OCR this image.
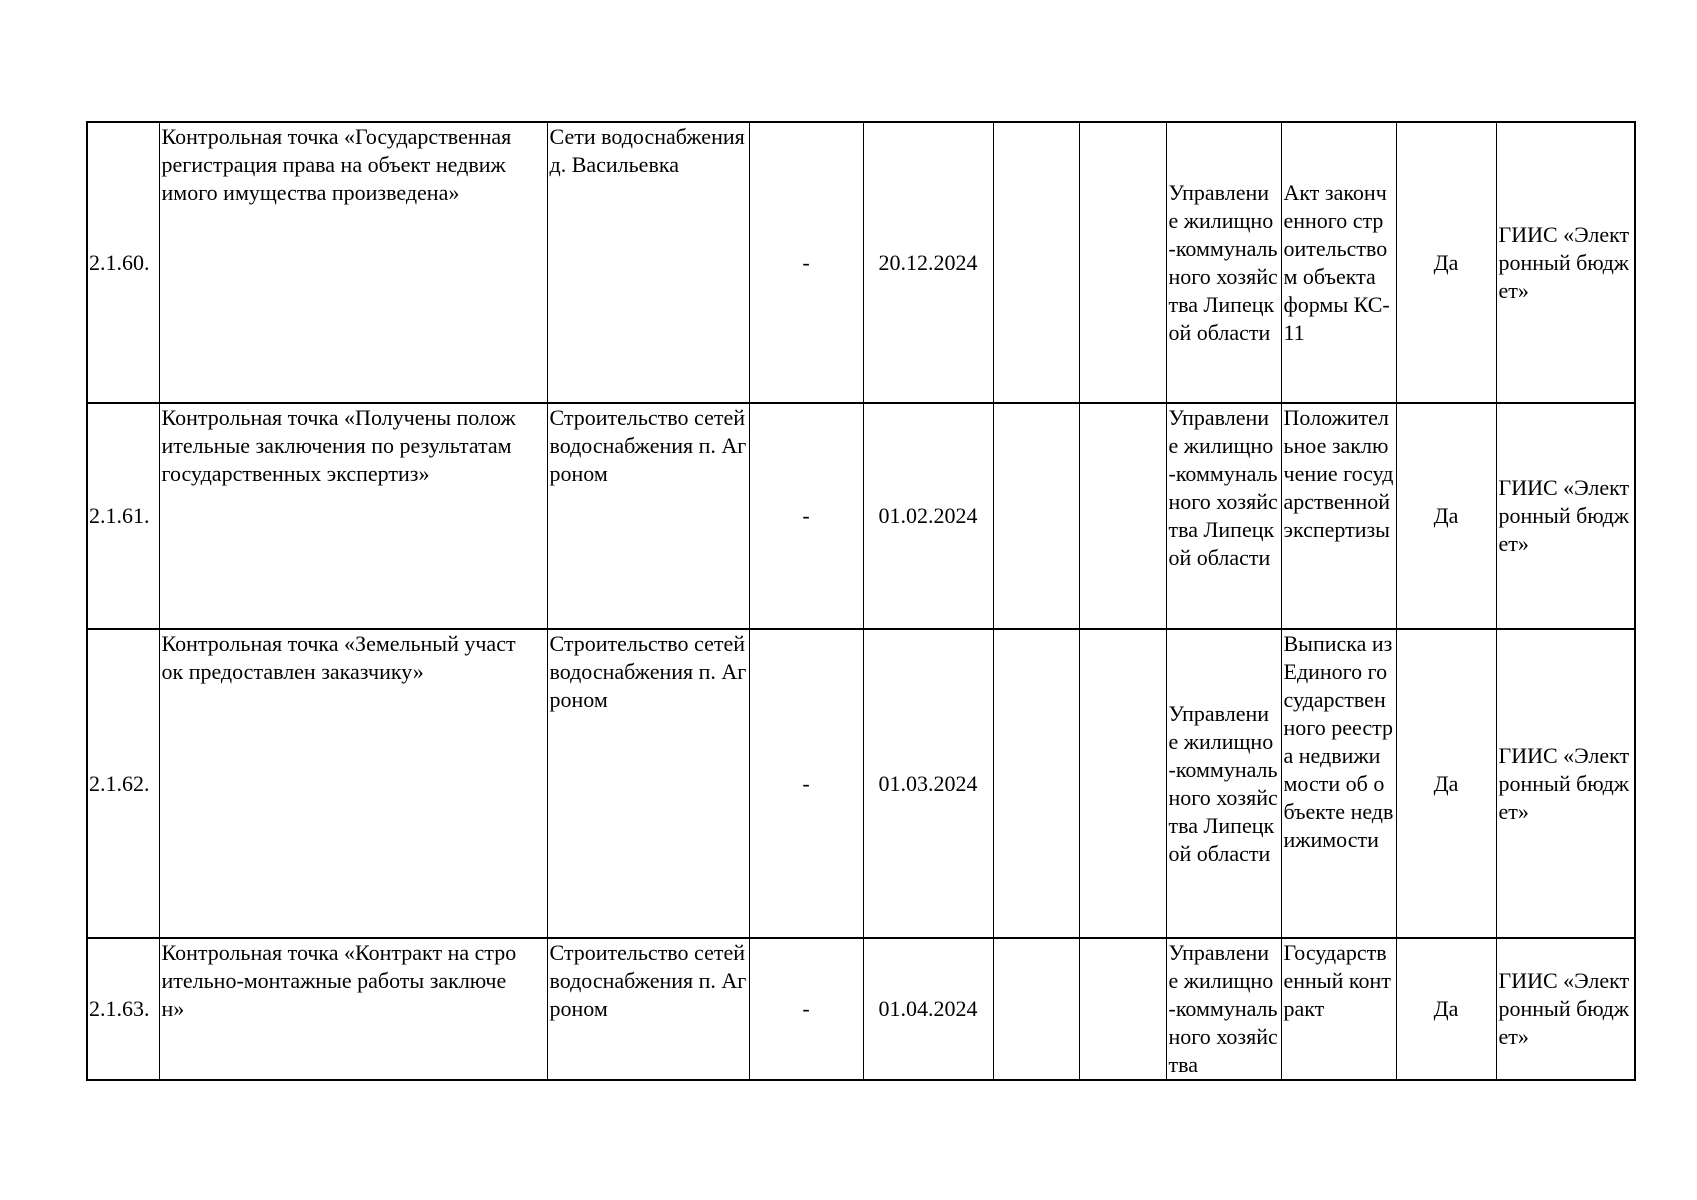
2.1.60.	Контрольная точка «Государственная регистрация права на объект недвижимого имущества произведена»	Сети водоснабжения д. Васильевка	-	20.12.2024			Управление жилищно-коммунального хозяйства Липецкой области	Акт законченного строительством объекта формы КС-11	Да	ГИИС «Электронный бюджет»
2.1.61.	Контрольная точка «Получены положительные заключения по результатам государственных экспертиз»	Строительство сетей водоснабжения п. Агроном	-	01.02.2024			Управление жилищно-коммунального хозяйства Липецкой области	Положительное заключение государственной экспертизы	Да	ГИИС «Электронный бюджет»
2.1.62.	Контрольная точка «Земельный участок предоставлен заказчику»	Строительство сетей водоснабжения п. Агроном	-	01.03.2024			Управление жилищно-коммунального хозяйства Липецкой области	Выписка из Единого государственного реестра недвижимости об объекте недвижимости	Да	ГИИС «Электронный бюджет»
2.1.63.	Контрольная точка «Контракт на строительно-монтажные работы заключен»	Строительство сетей водоснабжения п. Агроном	-	01.04.2024			Управление жилищно-коммунального хозяйства	Государственный контракт	Да	ГИИС «Электронный бюджет»
